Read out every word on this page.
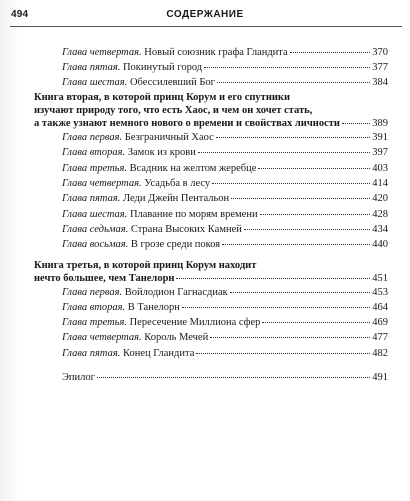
494	СОДЕРЖАНИЕ
Глава четвертая. Новый союзник графа Гландита	370
Глава пятая. Покинутый город	377
Глава шестая. Обессилевший Бог	384
Книга вторая, в которой принц Корум и его спутники
изучают природу того, что есть Хаос, и чем он хочет стать,
а также узнают немного нового о времени и свойствах личности	389
Глава первая. Безграничный Хаос	391
Глава вторая. Замок из крови	397
Глава третья. Всадник на желтом жеребце	403
Глава четвертая. Усадьба в лесу	414
Глава пятая. Леди Джейн Пентальон	420
Глава шестая. Плавание по морям времени	428
Глава седьмая. Страна Высоких Камней	434
Глава восьмая. В грозе среди покоя	440
Книга третья, в которой принц Корум находит
нечто большее, чем Танелорн	451
Глава первая. Войлодион Гагнасдиак	453
Глава вторая. В Танелорн	464
Глава третья. Пересечение Миллиона сфер	469
Глава четвертая. Король Мечей	477
Глава пятая. Конец Гландита	482
Эпилог	491
